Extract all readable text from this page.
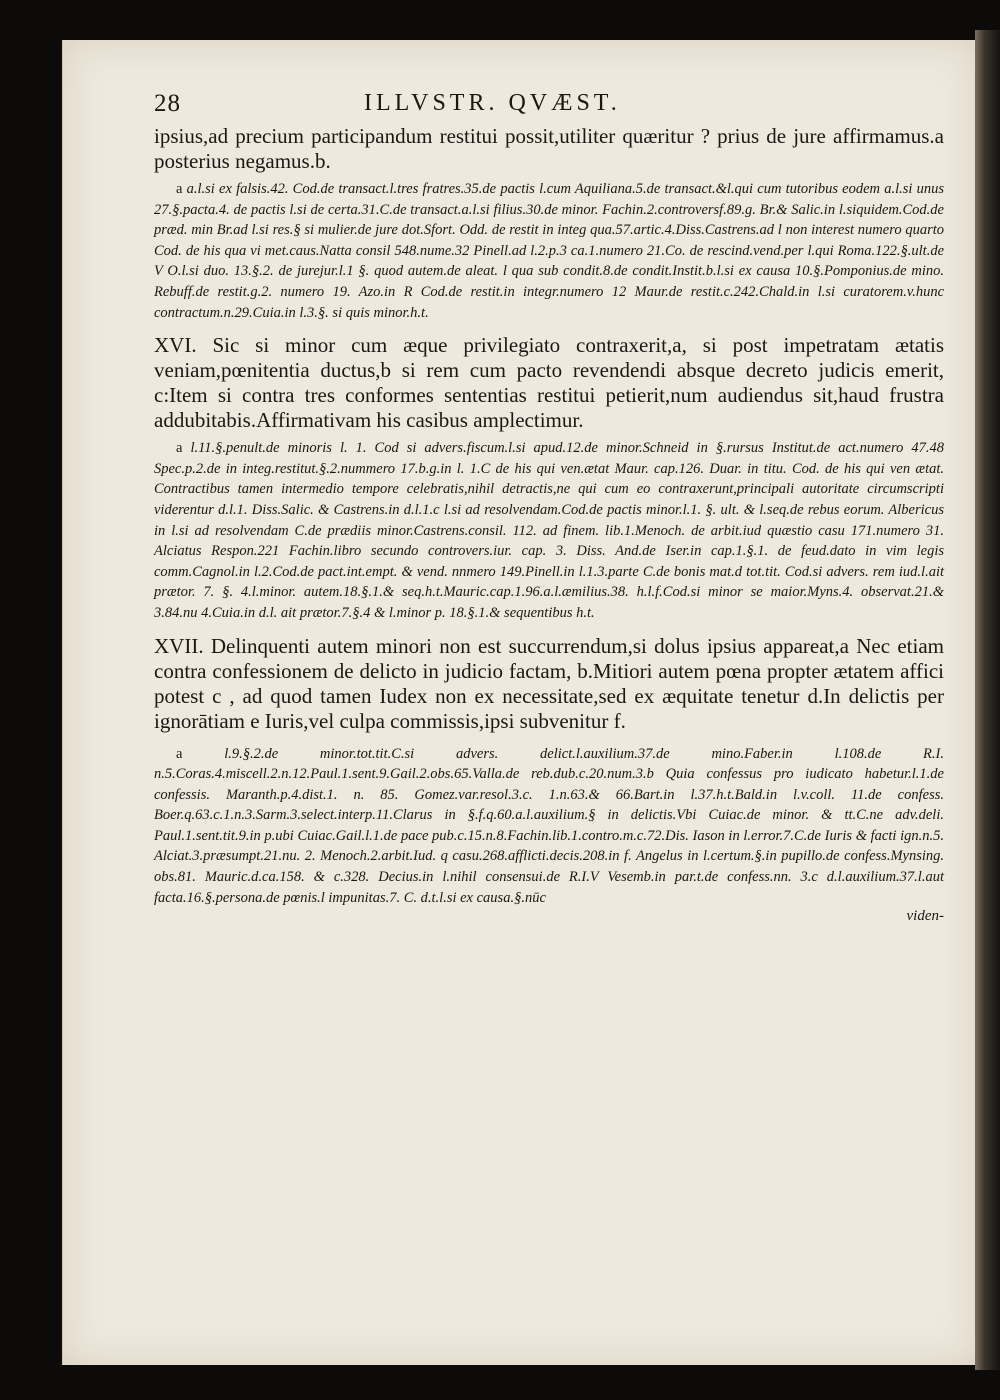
28	ILLVSTR. QVÆST.

ipsius,ad precium participandum restitui possit,utiliter quæritur ? prius de jure affirmamus.a posterius negamus.b.

a a.l.si ex falsis.42. Cod.de transact.l.tres fratres.35.de pactis l.cum Aquiliana.5.de transact.&l.qui cum tutoribus eodem a.l.si unus 27.§.pacta.4. de pactis l.si de certa.31.C.de transact.a.l.si filius.30.de minor. Fachin.2.controversf.89.g. Br.& Salic.in l.siquidem.Cod.de præd. min Br.ad l.si res.§ si mulier.de jure dot.Sfort. Odd. de restit in integ qua.57.artic.4.Diss.Castrens.ad l non interest numero quarto Cod. de his qua vi met.caus.Natta consil 548.nume.32 Pinell.ad l.2.p.3 ca.1.numero 21.Co. de rescind.vend.per l.qui Roma.122.§.ult.de V O.l.si duo. 13.§.2. de jurejur.l.1 §. quod autem.de aleat. l qua sub condit.8.de condit.Instit.b.l.si ex causa 10.§.Pomponius.de mino. Rebuff.de restit.g.2. numero 19. Azo.in R Cod.de restit.in integr.numero 12 Maur.de restit.c.242.Chald.in l.si curatorem.v.hunc contractum.n.29.Cuia.in l.3.§. si quis minor.h.t.

XVI. Sic si minor cum æque privilegiato contraxerit,a, si post impetratam ætatis veniam,pœnitentia ductus,b si rem cum pacto revendendi absque decreto judicis emerit, c:Item si contra tres conformes sententias restitui petierit,num audiendus sit,haud frustra addubitabis.Affirmativam his casibus amplectimur.

a l.11.§.penult.de minoris l. 1. Cod si advers.fiscum.l.si apud.12.de minor.Schneid in §.rursus Institut.de act.numero 47.48 Spec.p.2.de in integ.restitut.§.2.nummero 17.b.g.in l. 1.C de his qui ven.ætat Maur. cap.126. Duar. in titu. Cod. de his qui ven ætat. Contractibus tamen intermedio tempore celebratis,nihil detractis,ne qui cum eo contraxerunt,principali autoritate circumscripti viderentur d.l.1. Diss.Salic. & Castrens.in d.l.1.c l.si ad resolvendam.Cod.de pactis minor.l.1. §. ult. & l.seq.de rebus eorum. Albericus in l.si ad resolvendam C.de prædiis minor.Castrens.consil. 112. ad finem. lib.1.Menoch. de arbit.iud quæstio casu 171.numero 31. Alciatus Respon.221 Fachin.libro secundo controvers.iur. cap. 3. Diss. And.de Iser.in cap.1.§.1. de feud.dato in vim legis comm.Cagnol.in l.2.Cod.de pact.int.empt. & vend. nnmero 149.Pinell.in l.1.3.parte C.de bonis mat.d tot.tit. Cod.si advers. rem iud.l.ait prætor. 7. §. 4.l.minor. autem.18.§.1.& seq.h.t.Mauric.cap.1.96.a.l.æmilius.38. h.l.f.Cod.si minor se maior.Myns.4. observat.21.& 3.84.nu 4.Cuia.in d.l. ait prætor.7.§.4 & l.minor p. 18.§.1.& sequentibus h.t.

XVII. Delinquenti autem minori non est succurrendum,si dolus ipsius appareat,a Nec etiam contra confessionem de delicto in judicio factam, b.Mitiori autem pœna propter ætatem affici potest c , ad quod tamen Iudex non ex necessitate,sed ex æquitate tenetur d.In delictis per ignorātiam e Iuris,vel culpa commissis,ipsi subvenitur f.

a	l.9.§.2.de minor.tot.tit.C.si advers. delict.l.auxilium.37.de mino.Faber.in l.108.de R.I. n.5.Coras.4.miscell.2.n.12.Paul.1.sent.9.Gail.2.obs.65.Valla.de reb.dub.c.20.num.3.b Quia confessus pro iudicato habetur.l.1.de confessis. Maranth.p.4.dist.1. n. 85. Gomez.var.resol.3.c. 1.n.63.& 66.Bart.in l.37.h.t.Bald.in l.v.coll. 11.de confess. Boer.q.63.c.1.n.3.Sarm.3.select.interp.11.Clarus in §.f.q.60.a.l.auxilium.§ in delictis.Vbi Cuiac.de minor. & tt.C.ne adv.deli. Paul.1.sent.tit.9.in p.ubi Cuiac.Gail.l.1.de pace pub.c.15.n.8.Fachin.lib.1.contro.m.c.72.Dis. Iason in l.error.7.C.de Iuris & facti ign.n.5. Alciat.3.præsumpt.21.nu. 2. Menoch.2.arbit.Iud. q casu.268.afflicti.decis.208.in f. Angelus in l.certum.§.in pupillo.de confess.Mynsing. obs.81. Mauric.d.ca.158. & c.328. Decius.in l.nihil consensui.de R.I.V Vesemb.in par.t.de confess.nn. 3.c d.l.auxilium.37.l.aut facta.16.§.persona.de pœnis.l impunitas.7. C. d.t.l.si ex causa.§.nūc

viden-
